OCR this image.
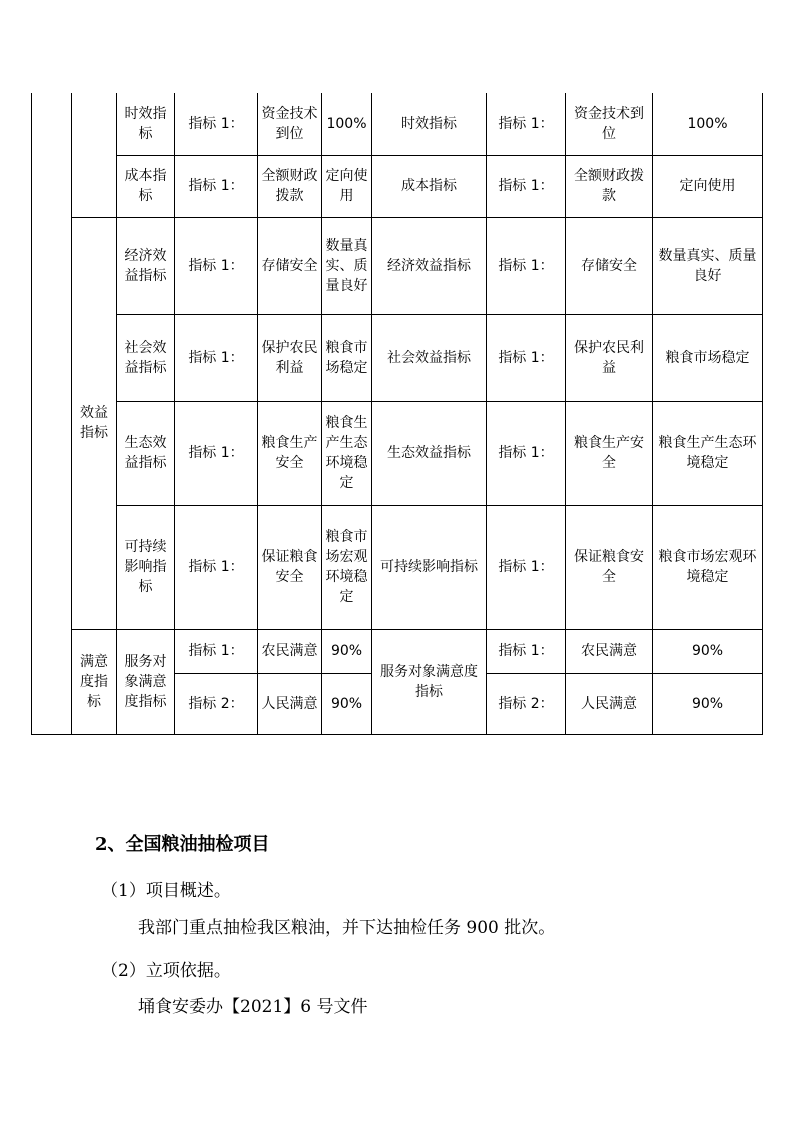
		时效指标	指标 1：	资金技术到位	100%	时效指标	指标 1：	资金技术到位	100%
		成本指标	指标 1：	全额财政拨款	定向使用	成本指标	指标 1：	全额财政拨款	定向使用
	效益指标	经济效益指标	指标 1：	存储安全	数量真实、质量良好	经济效益指标	指标 1：	存储安全	数量真实、质量良好
		社会效益指标	指标 1：	保护农民利益	粮食市场稳定	社会效益指标	指标 1：	保护农民利益	粮食市场稳定
		生态效益指标	指标 1：	粮食生产安全	粮食生产生态环境稳定	生态效益指标	指标 1：	粮食生产安全	粮食生产生态环境稳定
		可持续影响指标	指标 1：	保证粮食安全	粮食市场宏观环境稳定	可持续影响指标	指标 1：	保证粮食安全	粮食市场宏观环境稳定
	满意度指标	服务对象满意度指标	指标 1：	农民满意	90%	服务对象满意度指标	指标 1：	农民满意	90%
			指标 2：	人民满意	90%		指标 2：	人民满意	90%
2、全国粮油抽检项目
（1）项目概述。
我部门重点抽检我区粮油，并下达抽检任务 900 批次。
（2）立项依据。
埇食安委办【2021】6 号文件
